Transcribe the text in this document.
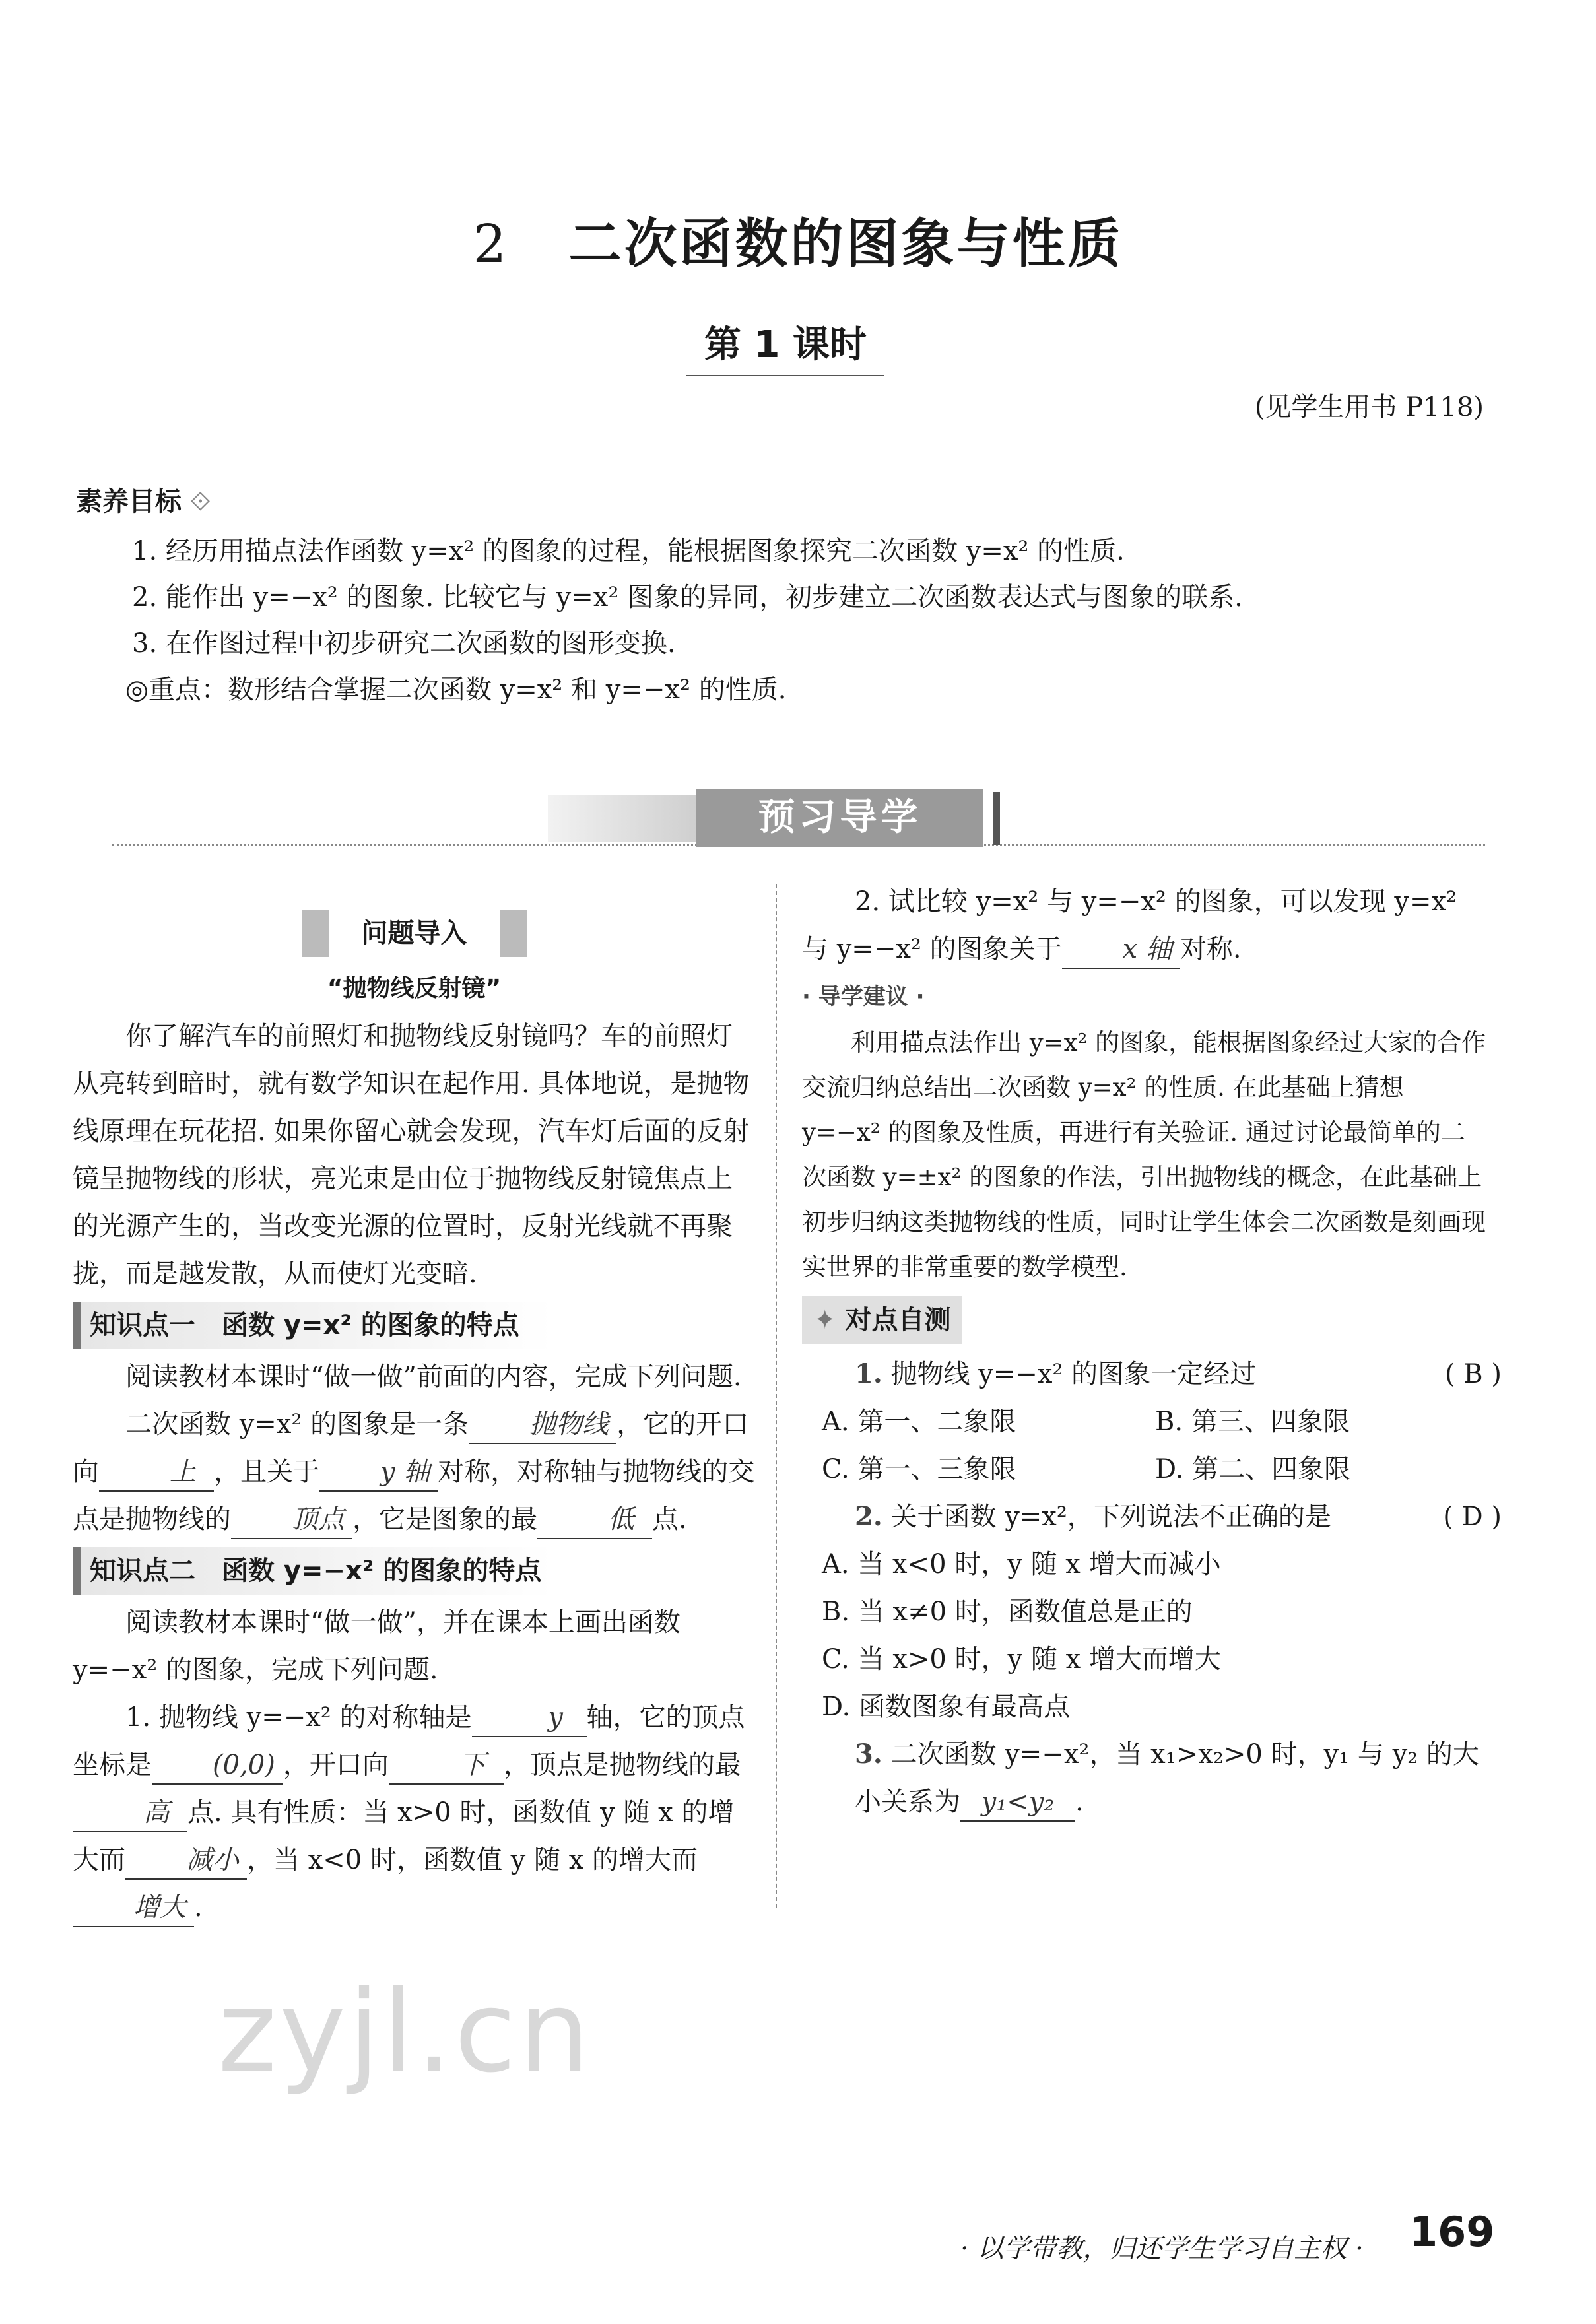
2 二次函数的图象与性质
第 1 课时
(见学生用书 P118)
素养目标 ⟐
1. 经历用描点法作函数 y=x² 的图象的过程，能根据图象探究二次函数 y=x² 的性质.
2. 能作出 y=−x² 的图象. 比较它与 y=x² 图象的异同，初步建立二次函数表达式与图象的联系.
3. 在作图过程中初步研究二次函数的图形变换.
◎重点：数形结合掌握二次函数 y=x² 和 y=−x² 的性质.
预习导学
问题导入
“抛物线反射镜”

你了解汽车的前照灯和抛物线反射镜吗？车的前照灯从亮转到暗时，就有数学知识在起作用. 具体地说，是抛物线原理在玩花招. 如果你留心就会发现，汽车灯后面的反射镜呈抛物线的形状，亮光束是由位于抛物线反射镜焦点上的光源产生的，当改变光源的位置时，反射光线就不再聚拢，而是越发散，从而使灯光变暗.

知识点一　函数 y=x² 的图象的特点

阅读教材本课时“做一做”前面的内容，完成下列问题.

二次函数 y=x² 的图象是一条 抛物线 ，它的开口向	上 ，且关于 y 轴 对称，对称轴与抛物线的交点是抛物线的 顶点 ，它是图象的最	低 点.

知识点二　函数 y=−x² 的图象的特点

阅读教材本课时“做一做”，并在课本上画出函数 y=−x² 的图象，完成下列问题.

1. 抛物线 y=−x² 的对称轴是	y 轴，它的顶点坐标是 (0,0) ，开口向	下 ，顶点是抛物线的最高 点. 具有性质：当 x>0 时，函数值 y 随 x 的增大而 减小 ，当 x<0 时，函数值 y 随 x 的增大而增大 .

2. 试比较 y=x² 与 y=−x² 的图象，可以发现 y=x² 与 y=−x² 的图象关于 x 轴 对称.

· 导学建议 ·

利用描点法作出 y=x² 的图象，能根据图象经过大家的合作交流归纳总结出二次函数 y=x² 的性质. 在此基础上猜想 y=−x² 的图象及性质，再进行有关验证. 通过讨论最简单的二次函数 y=±x² 的图象的作法，引出抛物线的概念，在此基础上初步归纳这类抛物线的性质，同时让学生体会二次函数是刻画现实世界的非常重要的数学模型.

✦ 对点自测
1. 抛物线 y=−x² 的图象一定经过	( B )
A. 第一、二象限	B. 第三、四象限
C. 第一、三象限	D. 第二、四象限
2. 关于函数 y=x²，下列说法不正确的是	( D )
A. 当 x<0 时，y 随 x 增大而减小
B. 当 x≠0 时，函数值总是正的
C. 当 x>0 时，y 随 x 增大而增大
D. 函数图象有最高点

3. 二次函数 y=−x²，当 x₁>x₂>0 时，y₁ 与 y₂ 的大小关系为 y₁<y₂ .

zyjl.cn
· 以学带教，归还学生学习自主权 · 169
